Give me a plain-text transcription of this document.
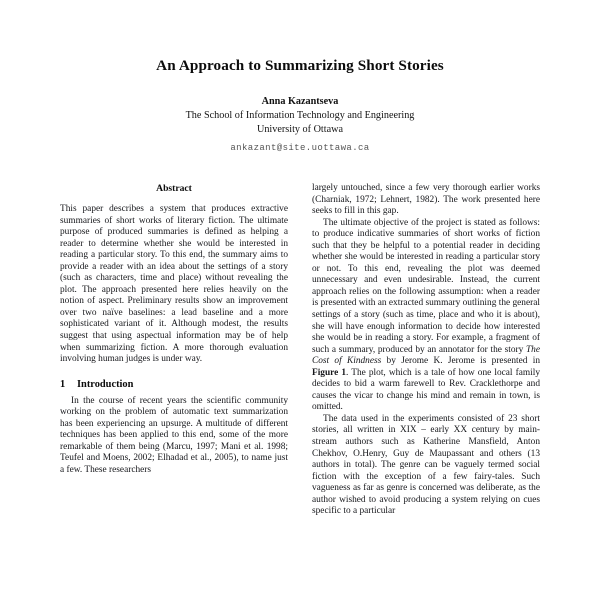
An Approach to Summarizing Short Stories
Anna Kazantseva
The School of Information Technology and Engineering
University of Ottawa
ankazant@site.uottawa.ca
Abstract

This paper describes a system that produces extractive summaries of short works of literary fiction. The ultimate purpose of produced summaries is defined as helping a reader to determine whether she would be interested in reading a particular story. To this end, the summary aims to provide a reader with an idea about the settings of a story (such as characters, time and place) without revealing the plot. The approach presented here relies heavily on the notion of aspect. Preliminary results show an improvement over two naïve baselines: a lead baseline and a more sophisticated variant of it. Although modest, the results suggest that using aspectual information may be of help when summarizing fiction. A more thorough evaluation involving human judges is under way.

1 Introduction

In the course of recent years the scientific community working on the problem of automatic text summarization has been experiencing an upsurge. A multitude of different techniques has been applied to this end, some of the more remarkable of them being (Marcu, 1997; Mani et al. 1998; Teufel and Moens, 2002; Elhadad et al., 2005), to name just a few. These researchers

largely untouched, since a few very thorough earlier works (Charniak, 1972; Lehnert, 1982). The work presented here seeks to fill in this gap.

The ultimate objective of the project is stated as follows: to produce indicative summaries of short works of fiction such that they be helpful to a potential reader in deciding whether she would be interested in reading a particular story or not. To this end, revealing the plot was deemed unnecessary and even undesirable. Instead, the current approach relies on the following assumption: when a reader is presented with an extracted summary outlining the general settings of a story (such as time, place and who it is about), she will have enough information to decide how interested she would be in reading a story. For example, a fragment of such a summary, produced by an annotator for the story The Cost of Kindness by Jerome K. Jerome is presented in Figure 1. The plot, which is a tale of how one local family decides to bid a warm farewell to Rev. Cracklethorpe and causes the vicar to change his mind and remain in town, is omitted.

The data used in the experiments consisted of 23 short stories, all written in XIX – early XX century by main-stream authors such as Katherine Mansfield, Anton Chekhov, O.Henry, Guy de Maupassant and others (13 authors in total). The genre can be vaguely termed social fiction with the exception of a few fairy-tales. Such vagueness as far as genre is concerned was deliberate, as the author wished to avoid producing a system relying on cues specific to a particular
